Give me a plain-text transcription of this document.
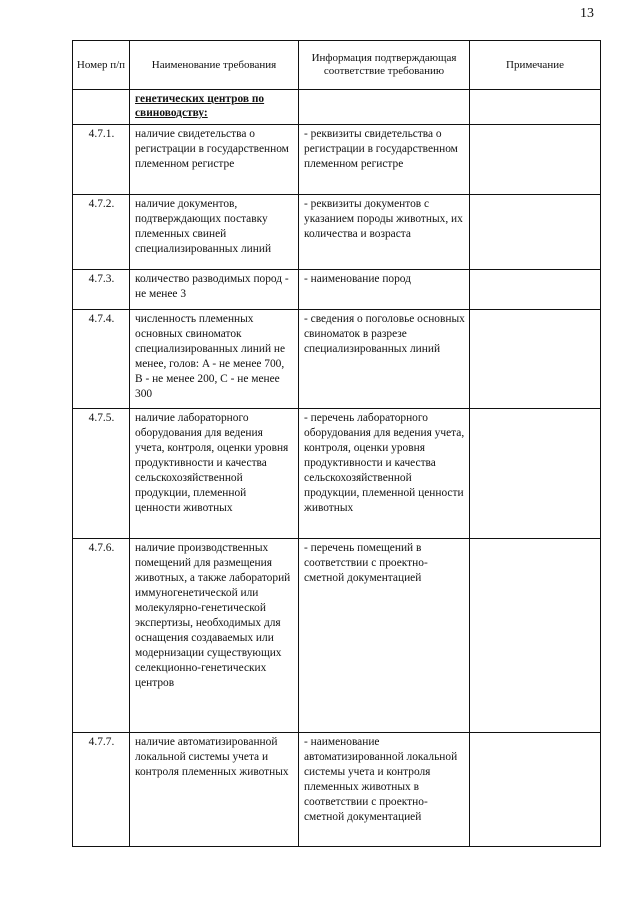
13
Номер п/п	Наименование требования	Информация подтверждающая соответствие требованию	Примечание
	генетических центров по свиноводству:		
4.7.1.	наличие свидетельства о регистрации в государственном племенном регистре	- реквизиты свидетельства о регистрации в государственном племенном регистре	
4.7.2.	наличие документов, подтверждающих поставку племенных свиней специализированных линий	- реквизиты документов с указанием породы животных, их количества и возраста	
4.7.3.	количество разводимых пород - не менее 3	- наименование пород	
4.7.4.	численность племенных основных свиноматок специализированных линий не менее, голов: A - не менее 700, B - не менее 200, C - не менее 300	- сведения о поголовье основных свиноматок в разрезе специализированных линий	
4.7.5.	наличие лабораторного оборудования для ведения учета, контроля, оценки уровня продуктивности и качества сельскохозяйственной продукции, племенной ценности животных	- перечень лабораторного оборудования для ведения учета, контроля, оценки уровня продуктивности и качества сельскохозяйственной продукции, племенной ценности животных	
4.7.6.	наличие производственных помещений для размещения животных, а также лабораторий иммуногенетической или молекулярно-генетической экспертизы, необходимых для оснащения создаваемых или модернизации существующих селекционно-генетических центров	- перечень помещений в соответствии с проектно-сметной документацией	
4.7.7.	наличие автоматизированной локальной системы учета и контроля племенных животных	- наименование автоматизированной локальной системы учета и контроля племенных животных в соответствии с проектно-сметной документацией	
